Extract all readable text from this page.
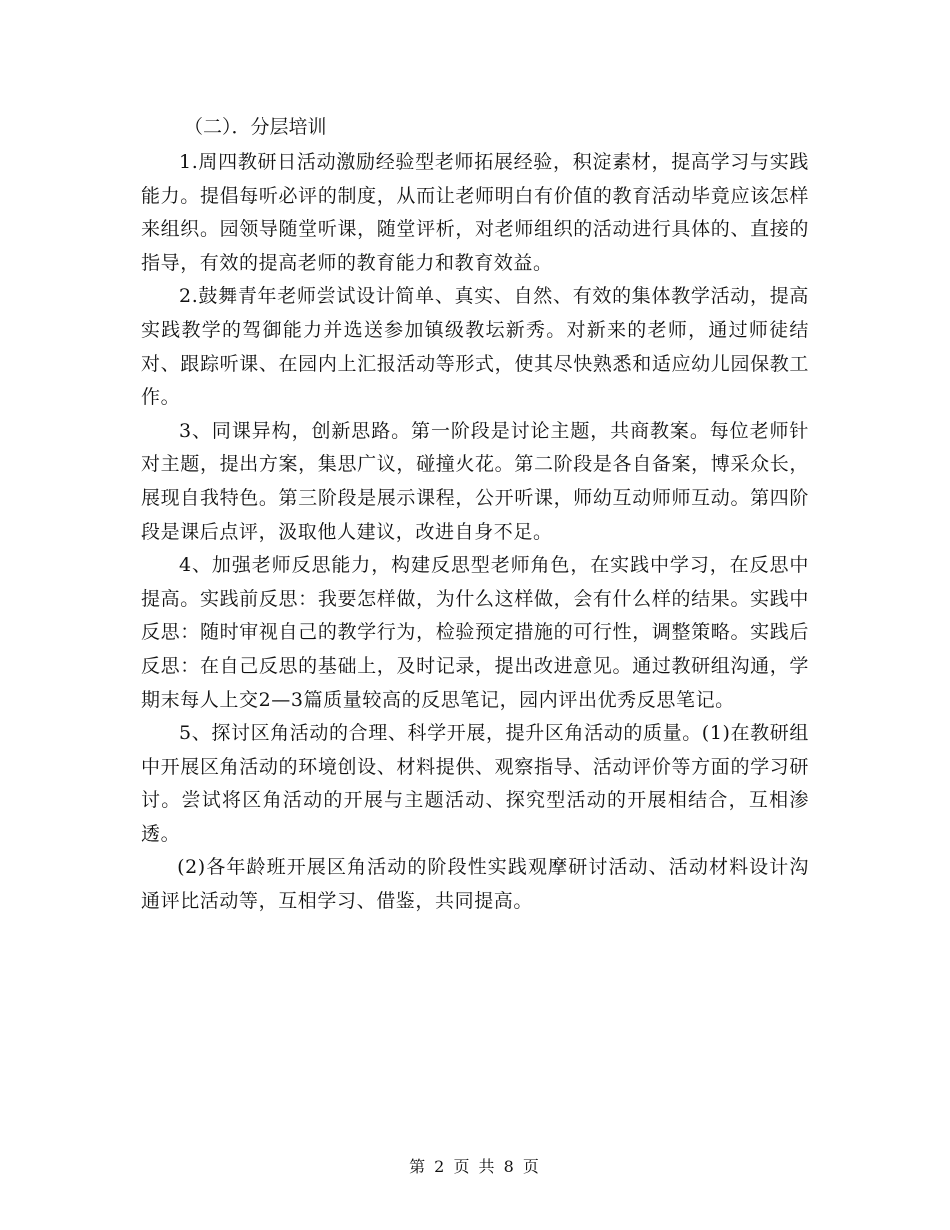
（二）．分层培训

1.周四教研日活动激励经验型老师拓展经验，积淀素材，提高学习与实践能力。提倡每听必评的制度，从而让老师明白有价值的教育活动毕竟应该怎样来组织。园领导随堂听课，随堂评析，对老师组织的活动进行具体的、直接的指导，有效的提高老师的教育能力和教育效益。

2.鼓舞青年老师尝试设计简单、真实、自然、有效的集体教学活动，提高实践教学的驾御能力并选送参加镇级教坛新秀。对新来的老师，通过师徒结对、跟踪听课、在园内上汇报活动等形式，使其尽快熟悉和适应幼儿园保教工作。

3、同课异构，创新思路。第一阶段是讨论主题，共商教案。每位老师针对主题，提出方案，集思广议，碰撞火花。第二阶段是各自备案，博采众长，展现自我特色。第三阶段是展示课程，公开听课，师幼互动师师互动。第四阶段是课后点评，汲取他人建议，改进自身不足。

4、加强老师反思能力，构建反思型老师角色，在实践中学习，在反思中提高。实践前反思：我要怎样做，为什么这样做，会有什么样的结果。实践中反思：随时审视自己的教学行为，检验预定措施的可行性，调整策略。实践后反思：在自己反思的基础上，及时记录，提出改进意见。通过教研组沟通，学期末每人上交2—3篇质量较高的反思笔记，园内评出优秀反思笔记。

5、探讨区角活动的合理、科学开展，提升区角活动的质量。(1)在教研组中开展区角活动的环境创设、材料提供、观察指导、活动评价等方面的学习研讨。尝试将区角活动的开展与主题活动、探究型活动的开展相结合，互相渗透。

(2)各年龄班开展区角活动的阶段性实践观摩研讨活动、活动材料设计沟通评比活动等，互相学习、借鉴，共同提高。

第 2 页 共 8 页
